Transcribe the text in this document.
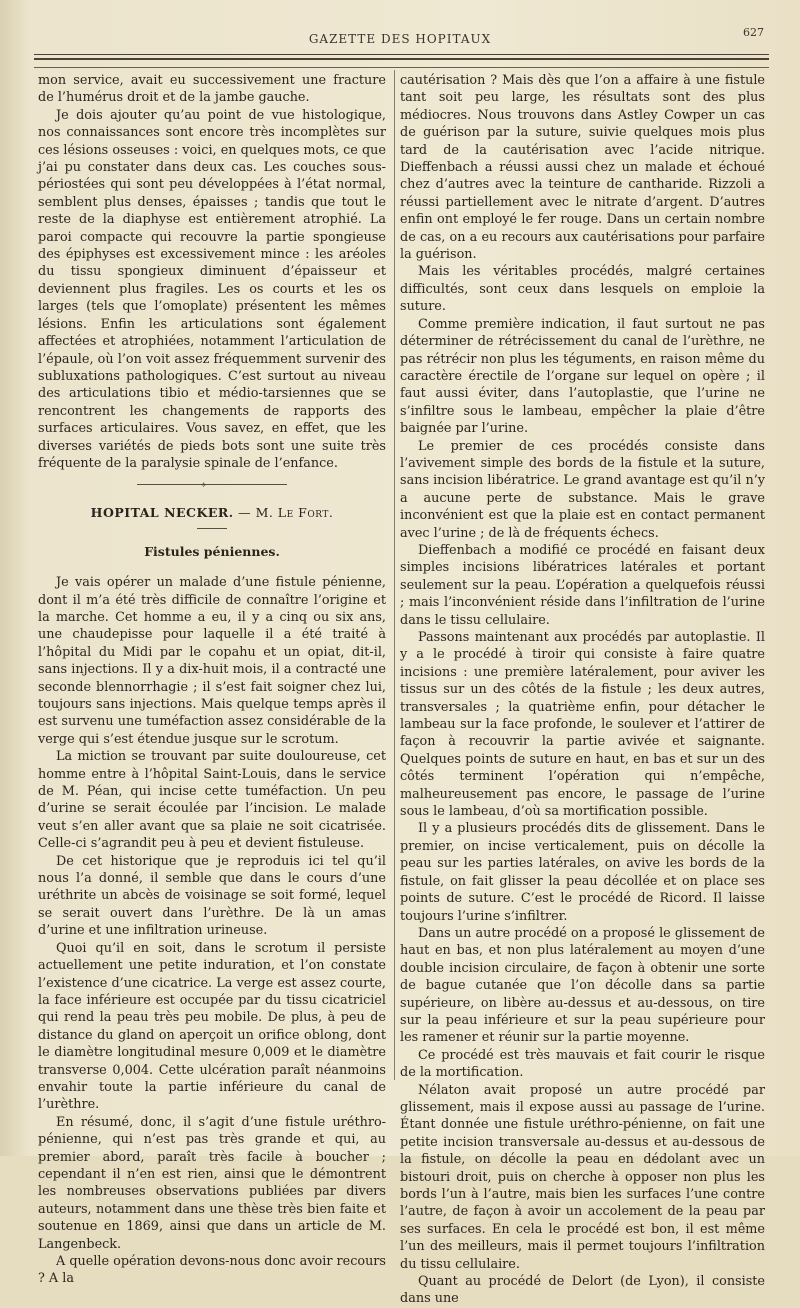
GAZETTE DES HOPITAUX	627

mon service, avait eu successivement une fracture de l’humérus droit et de la jambe gauche.

Je dois ajouter qu’au point de vue histologique, nos connaissances sont encore très incomplètes sur ces lésions osseuses : voici, en quelques mots, ce que j’ai pu constater dans deux cas. Les couches sous-périostées qui sont peu développées à l’état normal, semblent plus denses, épaisses ; tandis que tout le reste de la diaphyse est entièrement atrophié. La paroi compacte qui recouvre la partie spongieuse des épiphyses est excessivement mince : les aréoles du tissu spongieux diminuent d’épaisseur et deviennent plus fragiles. Les os courts et les os larges (tels que l’omoplate) présentent les mêmes lésions. Enfin les articulations sont également affectées et atrophiées, notamment l’articulation de l’épaule, où l’on voit assez fréquemment survenir des subluxations pathologiques. C’est surtout au niveau des articulations tibio et médio-tarsiennes que se rencontrent les changements de rapports des surfaces articulaires. Vous savez, en effet, que les diverses variétés de pieds bots sont une suite très fréquente de la paralysie spinale de l’enfance.

⟡
HOPITAL NECKER. — M. Le Fort.
Fistules péniennes.

Je vais opérer un malade d’une fistule pénienne, dont il m’a été très difficile de connaître l’origine et la marche. Cet homme a eu, il y a cinq ou six ans, une chaudepisse pour laquelle il a été traité à l’hôpital du Midi par le copahu et un opiat, dit-il, sans injections. Il y a dix-huit mois, il a contracté une seconde blennorrhagie ; il s’est fait soigner chez lui, toujours sans injections. Mais quelque temps après il est survenu une tuméfaction assez considérable de la verge qui s’est étendue jusque sur le scrotum.

La miction se trouvant par suite douloureuse, cet homme entre à l’hôpital Saint-Louis, dans le service de M. Péan, qui incise cette tuméfaction. Un peu d’urine se serait écoulée par l’incision. Le malade veut s’en aller avant que sa plaie ne soit cicatrisée. Celle-ci s’agrandit peu à peu et devient fistuleuse.

De cet historique que je reproduis ici tel qu’il nous l’a donné, il semble que dans le cours d’une uréthrite un abcès de voisinage se soit formé, lequel se serait ouvert dans l’urèthre. De là un amas d’urine et une infiltration urineuse.

Quoi qu’il en soit, dans le scrotum il persiste actuellement une petite induration, et l’on constate l’existence d’une cicatrice. La verge est assez courte, la face inférieure est occupée par du tissu cicatriciel qui rend la peau très peu mobile. De plus, à peu de distance du gland on aperçoit un orifice oblong, dont le diamètre longitudinal mesure 0,009 et le diamètre transverse 0,004. Cette ulcération paraît néanmoins envahir toute la partie inférieure du canal de l’urèthre.

En résumé, donc, il s’agit d’une fistule uréthro-pénienne, qui n’est pas très grande et qui, au premier abord, paraît très facile à boucher ; cependant il n’en est rien, ainsi que le démontrent les nombreuses observations publiées par divers auteurs, notamment dans une thèse très bien faite et soutenue en 1869, ainsi que dans un article de M. Langenbeck.

A quelle opération devons-nous donc avoir recours ? A la

cautérisation ? Mais dès que l’on a affaire à une fistule tant soit peu large, les résultats sont des plus médiocres. Nous trouvons dans Astley Cowper un cas de guérison par la suture, suivie quelques mois plus tard de la cautérisation avec l’acide nitrique. Dieffenbach a réussi aussi chez un malade et échoué chez d’autres avec la teinture de cantharide. Rizzoli a réussi partiellement avec le nitrate d’argent. D’autres enfin ont employé le fer rouge. Dans un certain nombre de cas, on a eu recours aux cautérisations pour parfaire la guérison.

Mais les véritables procédés, malgré certaines difficultés, sont ceux dans lesquels on emploie la suture.

Comme première indication, il faut surtout ne pas déterminer de rétrécissement du canal de l’urèthre, ne pas rétrécir non plus les téguments, en raison même du caractère érectile de l’organe sur lequel on opère ; il faut aussi éviter, dans l’autoplastie, que l’urine ne s’infiltre sous le lambeau, empêcher la plaie d’être baignée par l’urine.

Le premier de ces procédés consiste dans l’avivement simple des bords de la fistule et la suture, sans incision libératrice. Le grand avantage est qu’il n’y a aucune perte de substance. Mais le grave inconvénient est que la plaie est en contact permanent avec l’urine ; de là de fréquents échecs.

Dieffenbach a modifié ce procédé en faisant deux simples incisions libératrices latérales et portant seulement sur la peau. L’opération a quelquefois réussi ; mais l’inconvénient réside dans l’infiltration de l’urine dans le tissu cellulaire.

Passons maintenant aux procédés par autoplastie. Il y a le procédé à tiroir qui consiste à faire quatre incisions : une première latéralement, pour aviver les tissus sur un des côtés de la fistule ; les deux autres, transversales ; la quatrième enfin, pour détacher le lambeau sur la face profonde, le soulever et l’attirer de façon à recouvrir la partie avivée et saignante. Quelques points de suture en haut, en bas et sur un des côtés terminent l’opération qui n’empêche, malheureusement pas encore, le passage de l’urine sous le lambeau, d’où sa mortification possible.

Il y a plusieurs procédés dits de glissement. Dans le premier, on incise verticalement, puis on décolle la peau sur les parties latérales, on avive les bords de la fistule, on fait glisser la peau décollée et on place ses points de suture. C’est le procédé de Ricord. Il laisse toujours l’urine s’infiltrer.

Dans un autre procédé on a proposé le glissement de haut en bas, et non plus latéralement au moyen d’une double incision circulaire, de façon à obtenir une sorte de bague cutanée que l’on décolle dans sa partie supérieure, on libère au-dessus et au-dessous, on tire sur la peau inférieure et sur la peau supérieure pour les ramener et réunir sur la partie moyenne.

Ce procédé est très mauvais et fait courir le risque de la mortification.

Nélaton avait proposé un autre procédé par glissement, mais il expose aussi au passage de l’urine. Étant donnée une fistule uréthro-pénienne, on fait une petite incision transversale au-dessus et au-dessous de la fistule, on décolle la peau en dédolant avec un bistouri droit, puis on cherche à opposer non plus les bords l’un à l’autre, mais bien les surfaces l’une contre l’autre, de façon à avoir un accolement de la peau par ses surfaces. En cela le procédé est bon, il est même l’un des meilleurs, mais il permet toujours l’infiltration du tissu cellulaire.

Quant au procédé de Delort (de Lyon), il consiste dans une
